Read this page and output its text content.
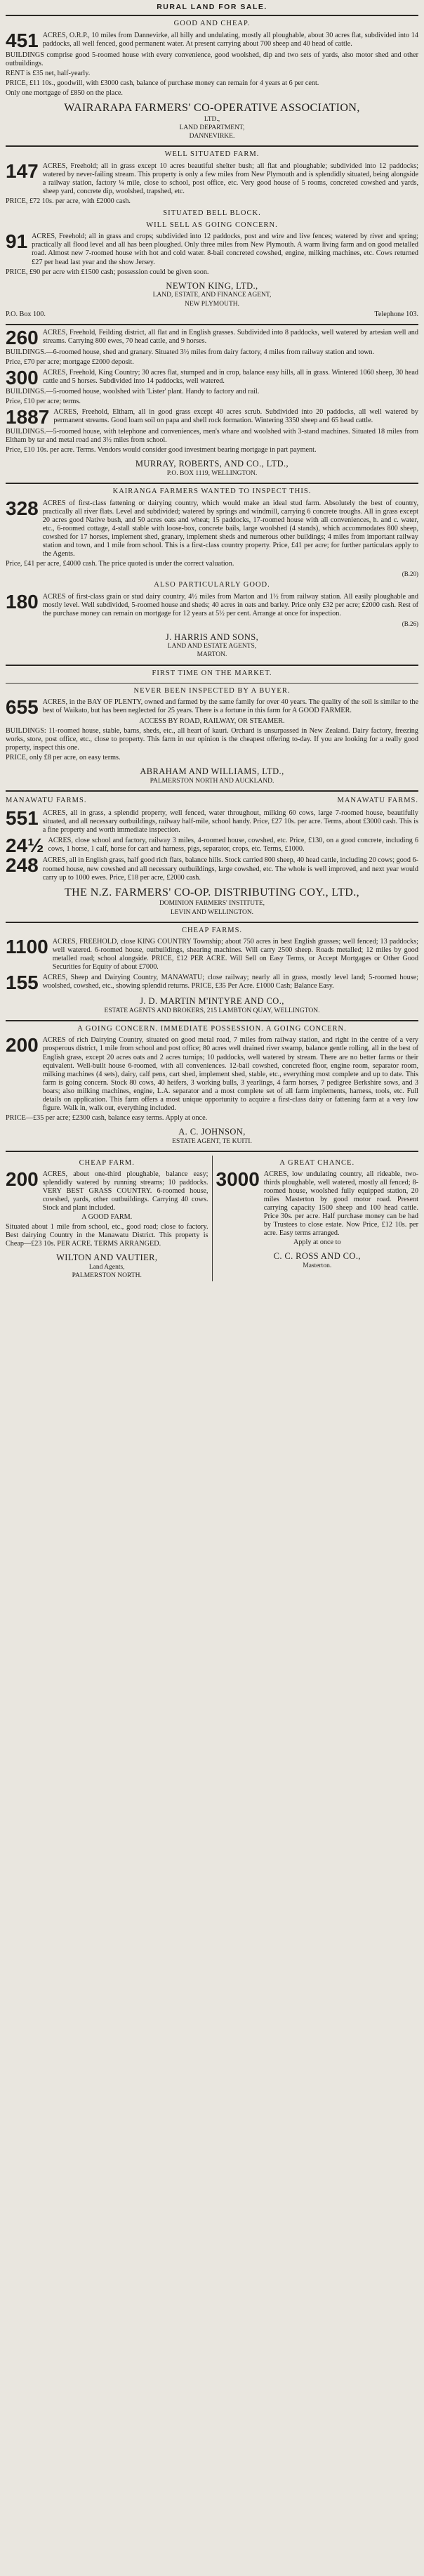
RURAL LAND FOR SALE.
GOOD AND CHEAP.
451 ACRES, O.R.P., 10 miles from Dannevirke, all hilly and undulating, mostly all ploughable, about 30 acres flat, subdivided into 14 paddocks, all well fenced, good permanent water. At present carrying about 700 sheep and 40 head of cattle.

BUILDINGS comprise good 5-roomed house with every convenience, good woolshed, dip and two sets of yards, also motor shed and other outbuildings.

RENT is £35 net, half-yearly.

PRICE, £11 10s., goodwill, with £3000 cash, balance of purchase money can remain for 4 years at 6 per cent.

Only one mortgage of £850 on the place.

WAIRARAPA FARMERS' CO-OPERATIVE ASSOCIATION,
LTD.,
LAND DEPARTMENT,
DANNEVIRKE.
WELL SITUATED FARM.
147 ACRES, Freehold; all in grass except 10 acres beautiful shelter bush; all flat and ploughable; subdivided into 12 paddocks; watered by never-failing stream. This property is only a few miles from New Plymouth and is splendidly situated, being alongside a railway station, factory ¼ mile, close to school, post office, etc. Very good house of 5 rooms, concreted cowshed and yards, sheep yard, concrete dip, woolshed, trapshed, etc.

PRICE, £72 10s. per acre, with £2000 cash.

SITUATED BELL BLOCK.
WILL SELL AS GOING CONCERN.
91 ACRES, Freehold; all in grass and crops; subdivided into 12 paddocks, post and wire and live fences; watered by river and spring; practically all flood level and all has been ploughed. Only three miles from New Plymouth. A warm living farm and on good metalled road. Almost new 7-roomed house with hot and cold water. 8-bail concreted cowshed, engine, milking machines, etc. Cows returned £27 per head last year and the show Jersey.

PRICE, £90 per acre with £1500 cash; possession could be given soon.

NEWTON KING, LTD.,
LAND, ESTATE, AND FINANCE AGENT,
NEW PLYMOUTH.
P.O. Box 100.	Telephone 103.
260 ACRES, Freehold, Feilding district, all flat and in English grasses. Subdivided into 8 paddocks, well watered by artesian well and streams. Carrying 800 ewes, 70 head cattle, and 9 horses.

BUILDINGS.—6-roomed house, shed and granary. Situated 3½ miles from dairy factory, 4 miles from railway station and town.

Price, £70 per acre; mortgage £2000 deposit.

300 ACRES, Freehold, King Country; 30 acres flat, stumped and in crop, balance easy hills, all in grass. Wintered 1060 sheep, 30 head cattle and 5 horses. Subdivided into 14 paddocks, well watered.

BUILDINGS.—5-roomed house, woolshed with 'Lister' plant. Handy to factory and rail.

Price, £10 per acre; terms.

1887 ACRES, Freehold, Eltham, all in good grass except 40 acres scrub. Subdivided into 20 paddocks, all well watered by permanent streams. Good loam soil on papa and shell rock formation. Wintering 3350 sheep and 65 head cattle.

BUILDINGS.—5-roomed house, with telephone and conveniences, men's whare and woolshed with 3-stand machines. Situated 18 miles from Eltham by tar and metal road and 3½ miles from school.

Price, £10 10s. per acre. Terms. Vendors would consider good investment bearing mortgage in part payment.

MURRAY, ROBERTS, AND CO., LTD.,
P.O. BOX 1119, WELLINGTON.
KAIRANGA FARMERS WANTED TO INSPECT THIS.
328 ACRES of first-class fattening or dairying country, which would make an ideal stud farm. Absolutely the best of country, practically all river flats. Level and subdivided; watered by springs and windmill, carrying 6 concrete troughs. All in grass except 20 acres good Native bush, and 50 acres oats and wheat; 15 paddocks, 17-roomed house with all conveniences, h. and c. water, etc., 6-roomed cottage, 4-stall stable with loose-box, concrete bails, large woolshed (4 stands), which accommodates 800 sheep, cowshed for 17 horses, implement shed, granary, implement sheds and numerous other buildings; 4 miles from important railway station and town, and 1 mile from school. This is a first-class country property. Price, £41 per acre; for further particulars apply to the Agents.

Price, £41 per acre, £4000 cash. The price quoted is under the correct valuation.

(B.20)
ALSO PARTICULARLY GOOD.
180 ACRES of first-class grain or stud dairy country, 4½ miles from Marton and 1½ from railway station. All easily ploughable and mostly level. Well subdivided, 5-roomed house and sheds; 40 acres in oats and barley. Price only £32 per acre; £2000 cash. Rest of the purchase money can remain on mortgage for 12 years at 5½ per cent. Arrange at once for inspection.
(B.26)
J. HARRIS AND SONS,
LAND AND ESTATE AGENTS,
MARTON.
FIRST TIME ON THE MARKET.
NEVER BEEN INSPECTED BY A BUYER.
655 ACRES, in the BAY OF PLENTY, owned and farmed by the same family for over 40 years. The quality of the soil is similar to the best of Waikato, but has been neglected for 25 years. There is a fortune in this farm for A GOOD FARMER.
ACCESS BY ROAD, RAILWAY, OR STEAMER.

BUILDINGS: 11-roomed house, stable, barns, sheds, etc., all heart of kauri. Orchard is unsurpassed in New Zealand. Dairy factory, freezing works, store, post office, etc., close to property. This farm in our opinion is the cheapest offering to-day. If you are looking for a really good property, inspect this one.

PRICE, only £8 per acre, on easy terms.

ABRAHAM AND WILLIAMS, LTD.,
PALMERSTON NORTH AND AUCKLAND.
MANAWATU FARMS.	MANAWATU FARMS.
551 ACRES, all in grass, a splendid property, well fenced, water throughout, milking 60 cows, large 7-roomed house, beautifully situated, and all necessary outbuildings, railway half-mile, school handy. Price, £27 10s. per acre. Terms, about £3000 cash. This is a fine property and worth immediate inspection.
24½ ACRES, close school and factory, railway 3 miles, 4-roomed house, cowshed, etc. Price, £130, on a good concrete, including 6 cows, 1 horse, 1 calf, horse for cart and harness, pigs, separator, crops, etc. Terms, £1000.
248 ACRES, all in English grass, half good rich flats, balance hills. Stock carried 800 sheep, 40 head cattle, including 20 cows; good 6-roomed house, new cowshed and all necessary outbuildings, large cowshed, etc. The whole is well improved, and next year would carry up to 1000 ewes. Price, £18 per acre, £2000 cash.
THE N.Z. FARMERS' CO-OP. DISTRIBUTING COY., LTD.,
DOMINION FARMERS' INSTITUTE,
LEVIN AND WELLINGTON.
CHEAP FARMS.
1100 ACRES, FREEHOLD, close KING COUNTRY Township; about 750 acres in best English grasses; well fenced; 13 paddocks; well watered. 6-roomed house, outbuildings, shearing machines. Will carry 2500 sheep. Roads metalled; 12 miles by good metalled road; school alongside. PRICE, £12 PER ACRE. Will Sell on Easy Terms, or Accept Mortgages or Other Good Securities for Equity of about £7000.
155 ACRES, Sheep and Dairying Country, MANAWATU; close railway; nearly all in grass, mostly level land; 5-roomed house; woolshed, cowshed, etc., showing splendid returns. PRICE, £35 Per Acre. £1000 Cash; Balance Easy.
J. D. MARTIN M'INTYRE AND CO.,
ESTATE AGENTS AND BROKERS, 215 LAMBTON QUAY, WELLINGTON.
A GOING CONCERN. IMMEDIATE POSSESSION. A GOING CONCERN.
200 ACRES of rich Dairying Country, situated on good metal road, 7 miles from railway station, and right in the centre of a very prosperous district, 1 mile from school and post office; 80 acres well drained river swamp, balance gentle rolling, all in the best of English grass, except 20 acres oats and 2 acres turnips; 10 paddocks, well watered by stream. There are no better farms or their equivalent. Well-built house 6-roomed, with all conveniences. 12-bail cowshed, concreted floor, engine room, separator room, milking machines (4 sets), dairy, calf pens, cart shed, implement shed, stable, etc., everything most complete and up to date. This farm is going concern. Stock 80 cows, 40 heifers, 3 working bulls, 3 yearlings, 4 farm horses, 7 pedigree Berkshire sows, and 3 boars; also milking machines, engine, L.A. separator and a most complete set of all farm implements, harness, tools, etc. Full details on application. This farm offers a most unique opportunity to acquire a first-class dairy or fattening farm at a very low figure. Walk in, walk out, everything included.

PRICE—£35 per acre; £2300 cash, balance easy terms. Apply at once.

A. C. JOHNSON,
ESTATE AGENT, TE KUITI.
CHEAP FARM.
200 ACRES, about one-third ploughable, balance easy; splendidly watered by running streams; 10 paddocks. VERY BEST GRASS COUNTRY. 6-roomed house, cowshed, yards, other outbuildings. Carrying 40 cows. Stock and plant included.
A GOOD FARM.

Situated about 1 mile from school, etc., good road; close to factory. Best dairying Country in the Manawatu District. This property is Cheap—£23 10s. PER ACRE. TERMS ARRANGED.

WILTON AND VAUTIER,
Land Agents,
PALMERSTON NORTH.
A GREAT CHANCE.
3000 ACRES, low undulating country, all rideable, two-thirds ploughable, well watered, mostly all fenced; 8-roomed house, woolshed fully equipped station, 20 miles Masterton by good motor road. Present carrying capacity 1500 sheep and 100 head cattle. Price 30s. per acre. Half purchase money can be had by Trustees to close estate. Now Price, £12 10s. per acre. Easy terms arranged.
Apply at once to
C. C. ROSS AND CO.,
Masterton.
